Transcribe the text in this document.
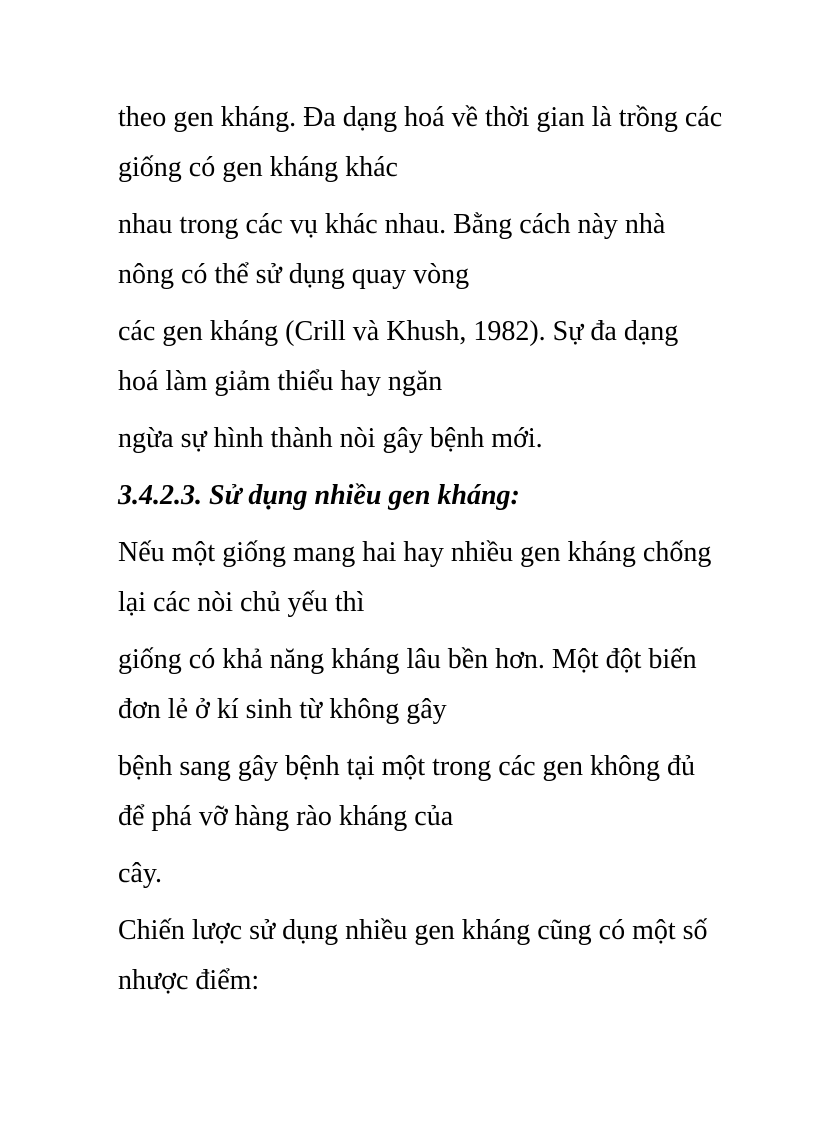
theo gen kháng. Đa dạng hoá về thời gian là trồng các
giống có gen kháng khác
nhau trong các vụ khác nhau. Bằng cách này nhà
nông có thể sử dụng quay vòng
các gen kháng (Crill và Khush, 1982). Sự đa dạng
hoá làm giảm thiểu hay ngăn
ngừa sự hình thành nòi gây bệnh mới.
3.4.2.3. Sử dụng nhiều gen kháng:
Nếu một giống mang hai hay nhiều gen kháng chống
lại các nòi chủ yếu thì
giống có khả năng kháng lâu bền hơn. Một đột biến
đơn lẻ ở kí sinh từ không gây
bệnh sang gây bệnh tại một trong các gen không đủ
để phá vỡ hàng rào kháng của
cây.
Chiến lược sử dụng nhiều gen kháng cũng có một số
nhược điểm:
